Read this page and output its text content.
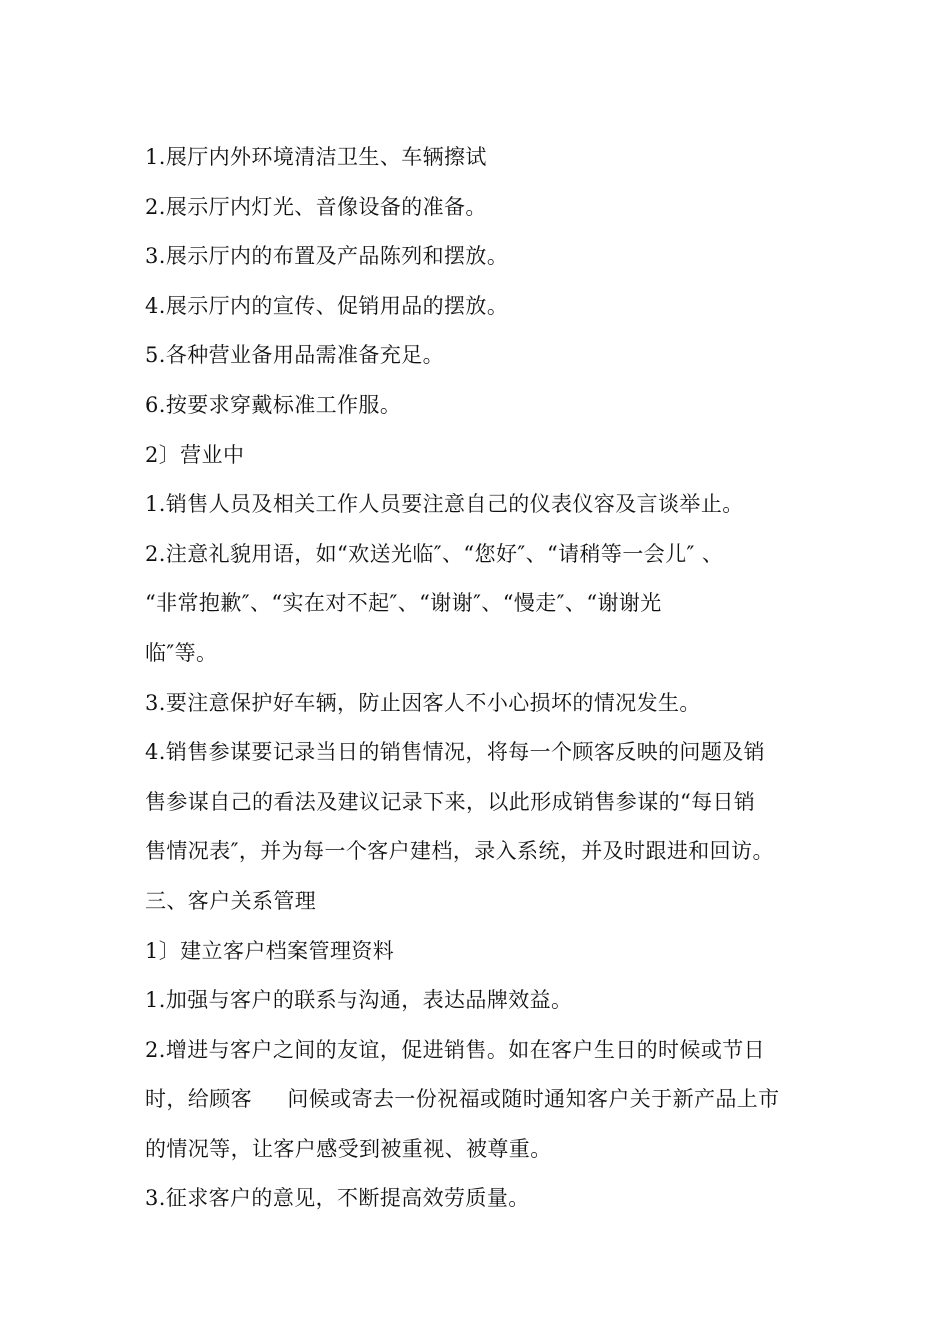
1.展厅内外环境清洁卫生、车辆擦试
2.展示厅内灯光、音像设备的准备。
3.展示厅内的布置及产品陈列和摆放。
4.展示厅内的宣传、促销用品的摆放。
5.各种营业备用品需准备充足。
6.按要求穿戴标准工作服。
2〕营业中
1.销售人员及相关工作人员要注意自己的仪表仪容及言谈举止。
2.注意礼貌用语，如“欢送光临″、“您好″、“请稍等一会儿″ 、
“非常抱歉″、“实在对不起″、“谢谢″、“慢走″、“谢谢光
临″等。
3.要注意保护好车辆，防止因客人不小心损坏的情况发生。
4.销售参谋要记录当日的销售情况，将每一个顾客反映的问题及销
售参谋自己的看法及建议记录下来，以此形成销售参谋的“每日销
售情况表″，并为每一个客户建档，录入系统，并及时跟进和回访。
三、客户关系管理
1〕建立客户档案管理资料
1.加强与客户的联系与沟通，表达品牌效益。
2.增进与客户之间的友谊，促进销售。如在客户生日的时候或节日
时，给顾客     问候或寄去一份祝福或随时通知客户关于新产品上市
的情况等，让客户感受到被重视、被尊重。
3.征求客户的意见，不断提高效劳质量。
